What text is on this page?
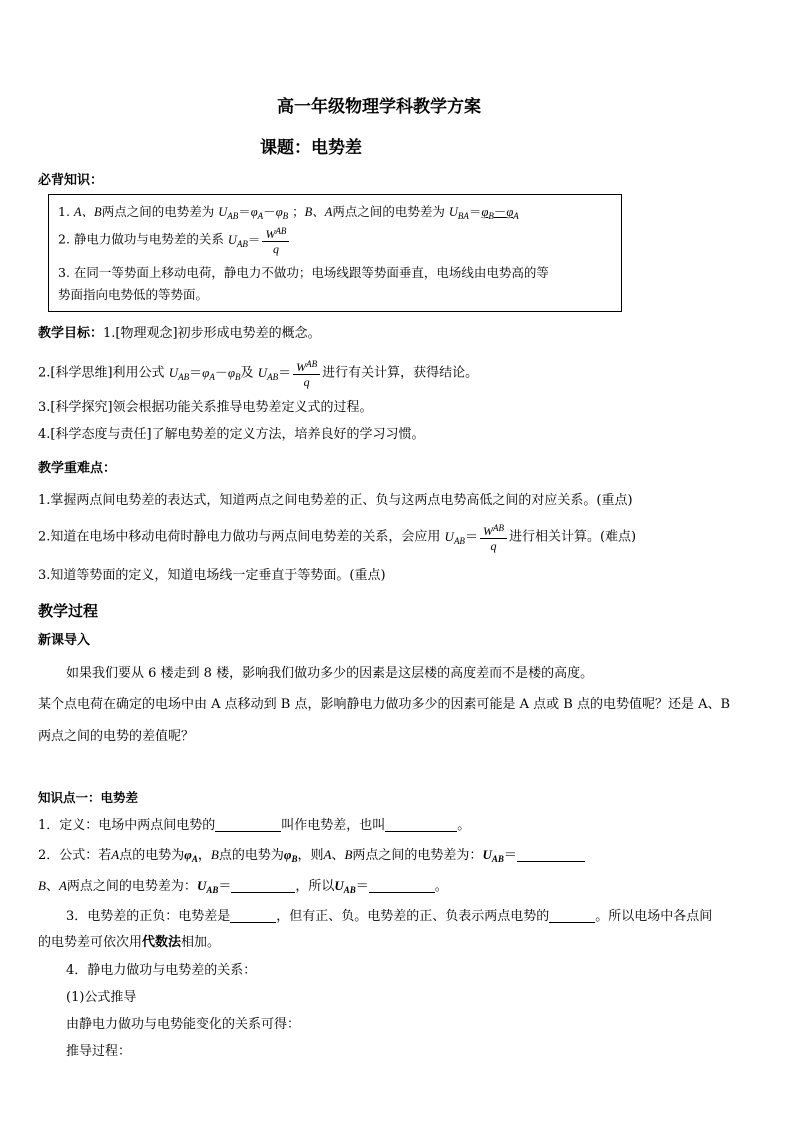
高一年级物理学科教学方案
课题：电势差
必背知识：
1. A、B两点之间的电势差为 $U_{AB}=\varphi_A-\varphi_B$ ；B、A两点之间的电势差为 $U_{BA}=\varphi_B-\varphi_A$
2. 静电力做功与电势差的关系 $U_{AB}= \frac{W^{AB}}{q}$
3. 在同一等势面上移动电荷，静电力不做功；电场线跟等势面垂直，电场线由电势高的等
势面指向电势低的等势面。
教学目标：1.[物理观念]初步形成电势差的概念。
2.[科学思维]利用公式 $U_{AB}=\varphi_A-\varphi_B$及 $U_{AB}= \frac{W^{AB}}{q}$ 进行有关计算，获得结论。
3.[科学探究]领会根据功能关系推导电势差定义式的过程。
4.[科学态度与责任]了解电势差的定义方法，培养良好的学习习惯。
教学重难点：
1.掌握两点间电势差的表达式，知道两点之间电势差的正、负与这两点电势高低之间的对应关系。(重点)
2.知道在电场中移动电荷时静电力做功与两点间电势差的关系，会应用 $U_{AB}= \frac{W^{AB}}{q}$ 进行相关计算。(难点)
3.知道等势面的定义，知道电场线一定垂直于等势面。(重点)
教学过程
新课导入
如果我们要从 6 楼走到 8 楼，影响我们做功多少的因素是这层楼的高度差而不是楼的高度。
某个点电荷在确定的电场中由 A 点移动到 B 点，影响静电力做功多少的因素可能是 A 点或 B 点的电势值呢？还是 A、B
两点之间的电势的差值呢？
知识点一：电势差
1．定义：电场中两点间电势的	叫作电势差，也叫	。
2．公式：若A点的电势为$\varphi_A$，B点的电势为$\varphi_B$，则A、B两点之间的电势差为：$U_{AB}=$
B、A两点之间的电势差为：$U_{AB}=$	，所以$U_{AB}=$	。
3．电势差的正负：电势差是	，但有正、负。电势差的正、负表示两点电势的	。所以电场中各点间
的电势差可依次用代数法相加。
4．静电力做功与电势差的关系：
(1)公式推导
由静电力做功与电势能变化的关系可得：
推导过程：
